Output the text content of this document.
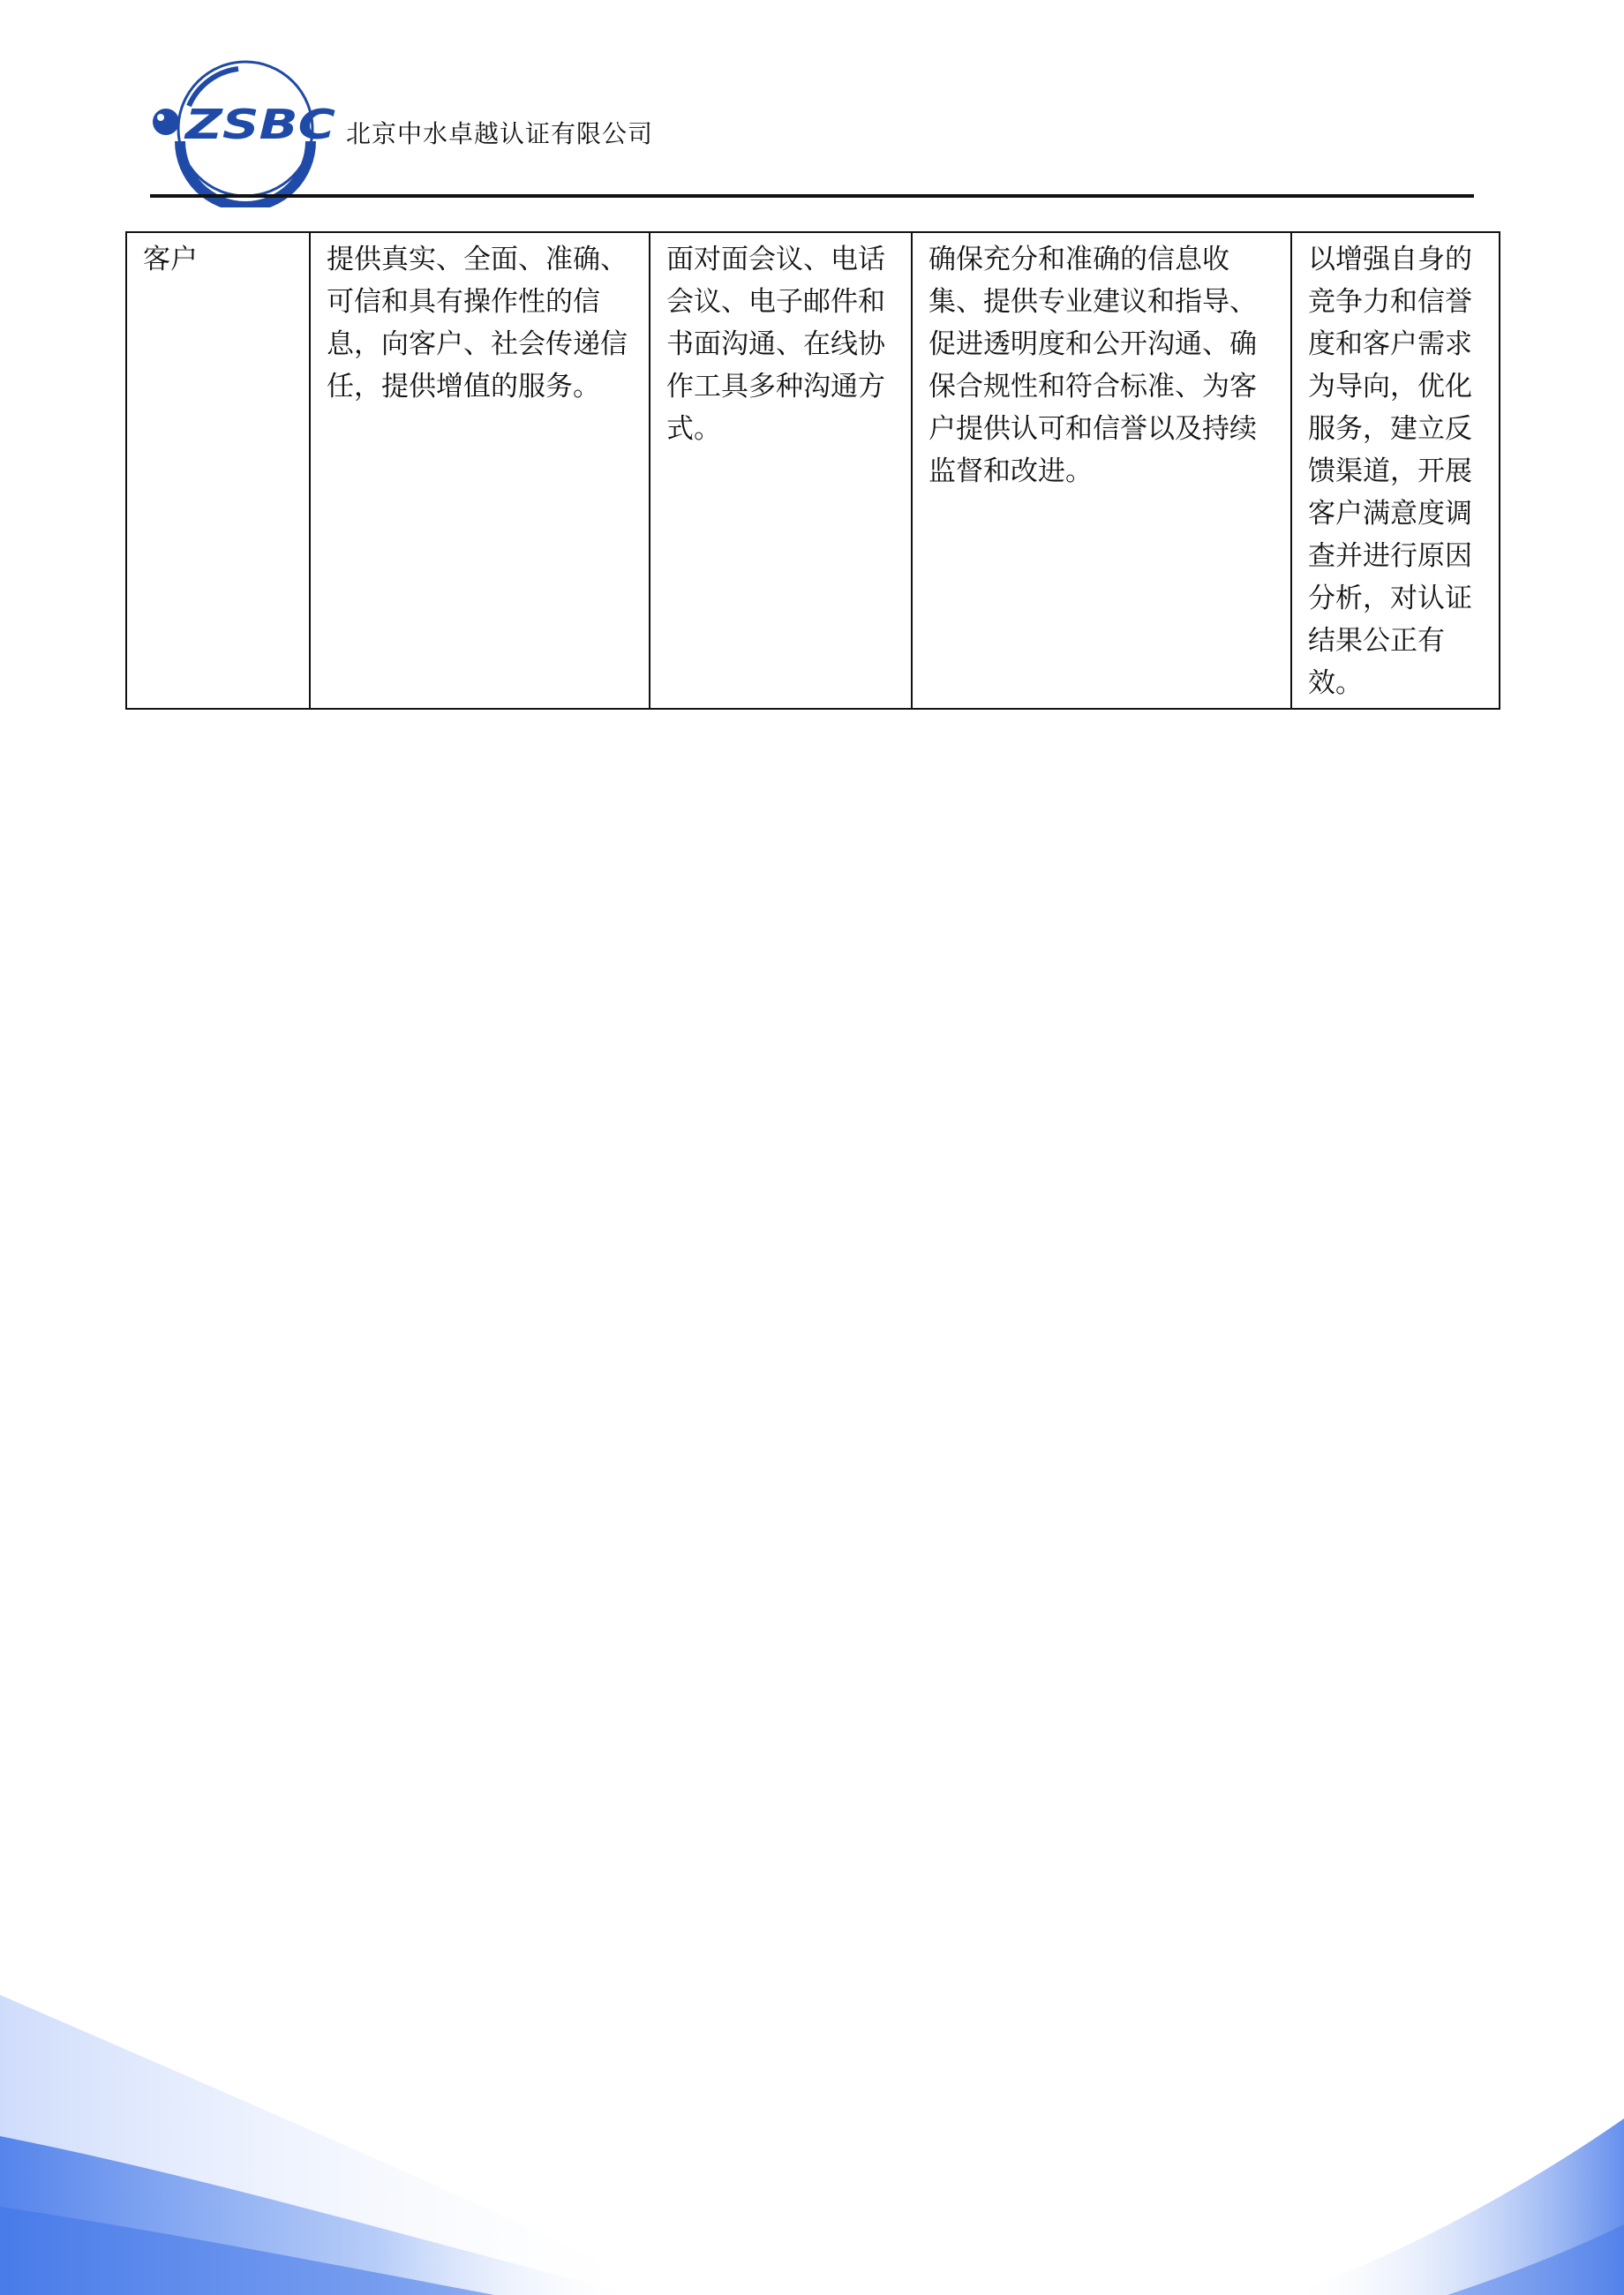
ZSBC 北京中水卓越认证有限公司
客户	提供真实、全面、准确、可信和具有操作性的信息，向客户、社会传递信任，提供增值的服务。	面对面会议、电话会议、电子邮件和书面沟通、在线协作工具多种沟通方式。	确保充分和准确的信息收集、提供专业建议和指导、促进透明度和公开沟通、确保合规性和符合标准、为客户提供认可和信誉以及持续监督和改进。	以增强自身的竞争力和信誉度和客户需求为导向，优化服务，建立反馈渠道，开展客户满意度调查并进行原因分析，对认证结果公正有效。
